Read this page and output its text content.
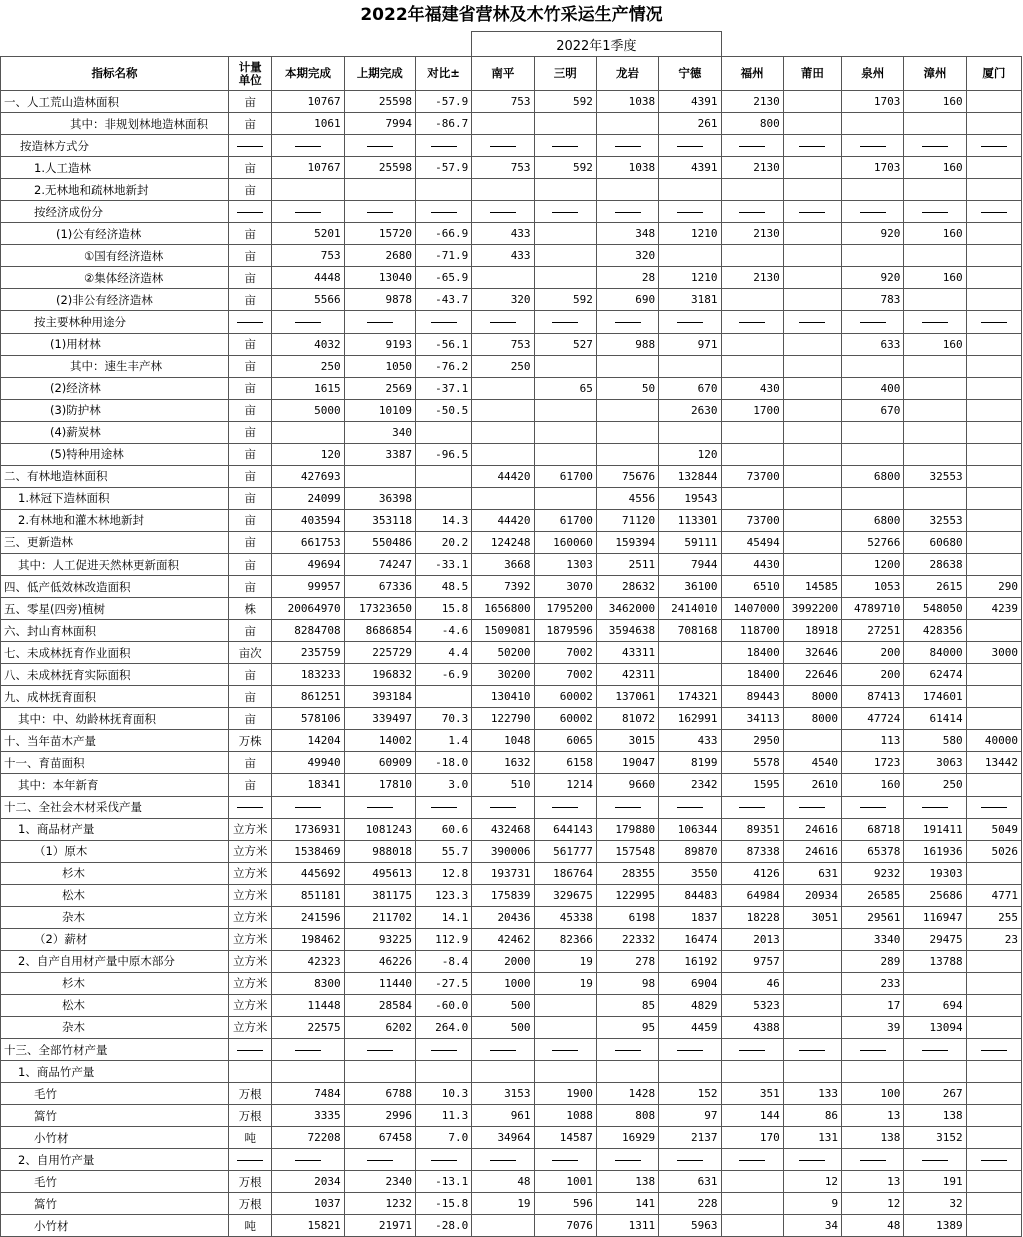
2022年福建省营林及木竹采运生产情况
					2022年1季度								
指标名称	计量单位	本期完成	上期完成	对比±	南平	三明	龙岩	宁德	福州	莆田	泉州	漳州	厦门
一、人工荒山造林面积	亩	10767	25598	-57.9	753	592	1038	4391	2130		1703	160	
其中：非规划林地造林面积	亩	1061	7994	-86.7				261	800				
按造林方式分													
1.人工造林	亩	10767	25598	-57.9	753	592	1038	4391	2130		1703	160	
2.无林地和疏林地新封	亩												
按经济成份分													
(1)公有经济造林	亩	5201	15720	-66.9	433		348	1210	2130		920	160	
①国有经济造林	亩	753	2680	-71.9	433		320						
②集体经济造林	亩	4448	13040	-65.9			28	1210	2130		920	160	
(2)非公有经济造林	亩	5566	9878	-43.7	320	592	690	3181			783		
按主要林种用途分													
(1)用材林	亩	4032	9193	-56.1	753	527	988	971			633	160	
其中：速生丰产林	亩	250	1050	-76.2	250								
(2)经济林	亩	1615	2569	-37.1		65	50	670	430		400		
(3)防护林	亩	5000	10109	-50.5				2630	1700		670		
(4)薪炭林	亩		340										
(5)特种用途林	亩	120	3387	-96.5				120					
二、有林地造林面积	亩	427693			44420	61700	75676	132844	73700		6800	32553	
1.林冠下造林面积	亩	24099	36398				4556	19543					
2.有林地和灌木林地新封	亩	403594	353118	14.3	44420	61700	71120	113301	73700		6800	32553	
三、更新造林	亩	661753	550486	20.2	124248	160060	159394	59111	45494		52766	60680	
其中：人工促进天然林更新面积	亩	49694	74247	-33.1	3668	1303	2511	7944	4430		1200	28638	
四、低产低效林改造面积	亩	99957	67336	48.5	7392	3070	28632	36100	6510	14585	1053	2615	290
五、零星(四旁)植树	株	20064970	17323650	15.8	1656800	1795200	3462000	2414010	1407000	3992200	4789710	548050	4239
六、封山育林面积	亩	8284708	8686854	-4.6	1509081	1879596	3594638	708168	118700	18918	27251	428356	
七、未成林抚育作业面积	亩次	235759	225729	4.4	50200	7002	43311		18400	32646	200	84000	3000
八、未成林抚育实际面积	亩	183233	196832	-6.9	30200	7002	42311		18400	22646	200	62474	
九、成林抚育面积	亩	861251	393184		130410	60002	137061	174321	89443	8000	87413	174601	
其中：中、幼龄林抚育面积	亩	578106	339497	70.3	122790	60002	81072	162991	34113	8000	47724	61414	
十、当年苗木产量	万株	14204	14002	1.4	1048	6065	3015	433	2950		113	580	40000
十一、育苗面积	亩	49940	60909	-18.0	1632	6158	19047	8199	5578	4540	1723	3063	13442
其中：本年新育	亩	18341	17810	3.0	510	1214	9660	2342	1595	2610	160	250	
十二、全社会木材采伐产量													
1、商品材产量	立方米	1736931	1081243	60.6	432468	644143	179880	106344	89351	24616	68718	191411	5049
（1）原木	立方米	1538469	988018	55.7	390006	561777	157548	89870	87338	24616	65378	161936	5026
杉木	立方米	445692	495613	12.8	193731	186764	28355	3550	4126	631	9232	19303	
松木	立方米	851181	381175	123.3	175839	329675	122995	84483	64984	20934	26585	25686	4771
杂木	立方米	241596	211702	14.1	20436	45338	6198	1837	18228	3051	29561	116947	255
（2）薪材	立方米	198462	93225	112.9	42462	82366	22332	16474	2013		3340	29475	23
2、自产自用材产量中原木部分	立方米	42323	46226	-8.4	2000	19	278	16192	9757		289	13788	
杉木	立方米	8300	11440	-27.5	1000	19	98	6904	46		233		
松木	立方米	11448	28584	-60.0	500		85	4829	5323		17	694	
杂木	立方米	22575	6202	264.0	500		95	4459	4388		39	13094	
十三、全部竹材产量													
1、商品竹产量													
毛竹	万根	7484	6788	10.3	3153	1900	1428	152	351	133	100	267	
篙竹	万根	3335	2996	11.3	961	1088	808	97	144	86	13	138	
小竹材	吨	72208	67458	7.0	34964	14587	16929	2137	170	131	138	3152	
2、自用竹产量													
毛竹	万根	2034	2340	-13.1	48	1001	138	631		12	13	191	
篙竹	万根	1037	1232	-15.8	19	596	141	228		9	12	32	
小竹材	吨	15821	21971	-28.0		7076	1311	5963		34	48	1389	
